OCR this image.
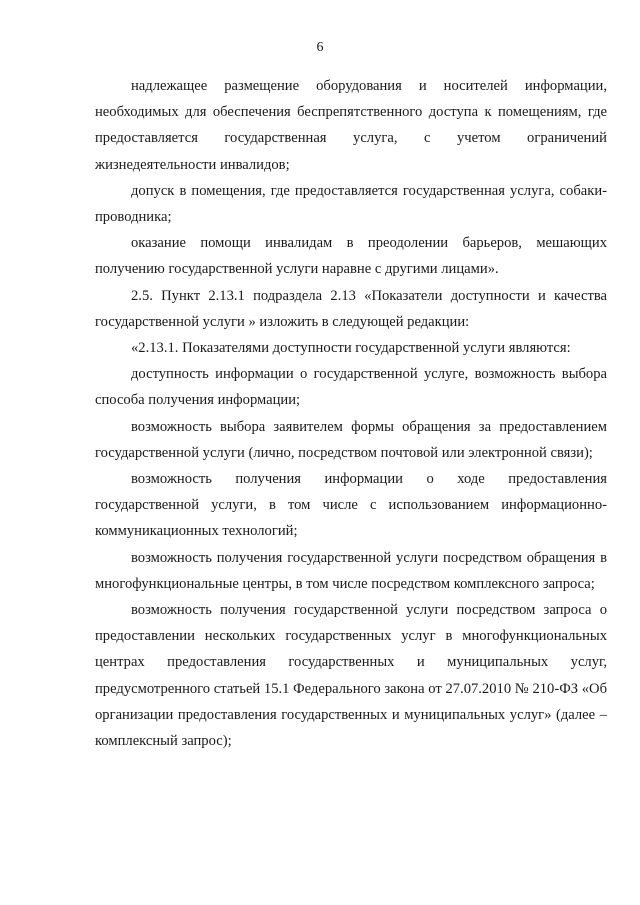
6

надлежащее размещение оборудования и носителей информации, необходимых для обеспечения беспрепятственного доступа к помещениям, где предоставляется государственная услуга, с учетом ограничений жизнедеятельности инвалидов;

допуск в помещения, где предоставляется государственная услуга, собаки-проводника;

оказание помощи инвалидам в преодолении барьеров, мешающих получению государственной услуги наравне с другими лицами».

2.5. Пункт 2.13.1 подраздела 2.13 «Показатели доступности и качества государственной услуги » изложить в следующей редакции:

«2.13.1. Показателями доступности государственной услуги являются:

доступность информации о государственной услуге, возможность выбора способа получения информации;

возможность выбора заявителем формы обращения за предоставлением государственной услуги (лично, посредством почтовой или электронной связи);

возможность получения информации о ходе предоставления государственной услуги, в том числе с использованием информационно-коммуникационных технологий;

возможность получения государственной услуги посредством обращения в многофункциональные центры, в том числе посредством комплексного запроса;

возможность получения государственной услуги посредством запроса о предоставлении нескольких государственных услуг в многофункциональных центрах предоставления государственных и муниципальных услуг, предусмотренного статьей 15.1 Федерального закона от 27.07.2010 № 210-ФЗ «Об организации предоставления государственных и муниципальных услуг» (далее – комплексный запрос);
